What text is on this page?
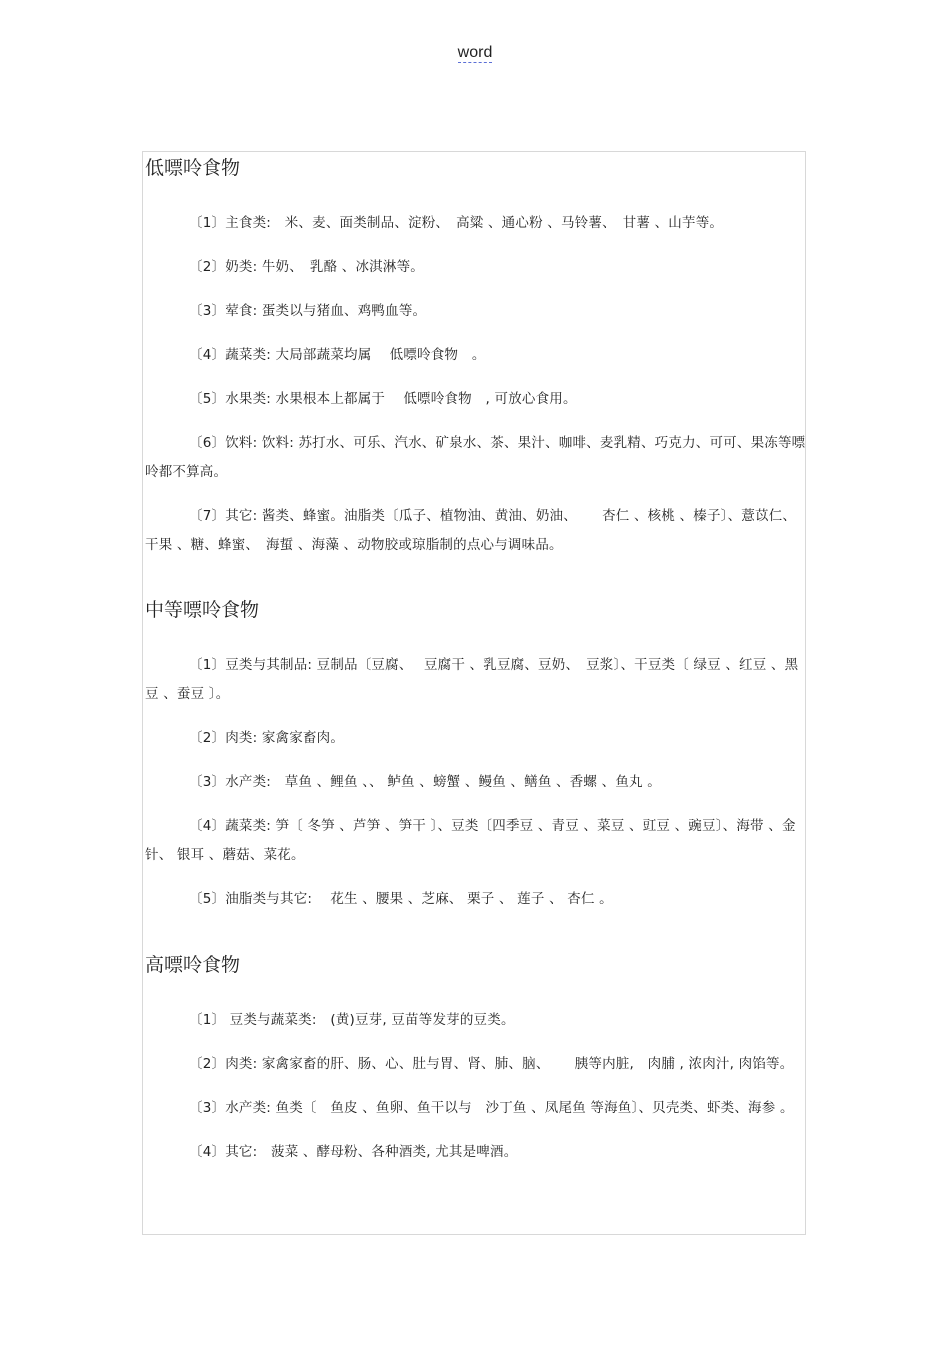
word
低嘌呤食物

〔1〕主食类:　米、麦、面类制品、淀粉、　高粱 、通心粉 、马铃薯、　甘薯 、山芋等。

〔2〕奶类: 牛奶、　乳酪 、冰淇淋等。

〔3〕荤食: 蛋类以与猪血、鸡鸭血等。

〔4〕蔬菜类: 大局部蔬菜均属　 低嘌呤食物　。

〔5〕水果类: 水果根本上都属于　 低嘌呤食物　, 可放心食用。

〔6〕饮料: 饮料: 苏打水、可乐、汽水、矿泉水、茶、果汁、咖啡、麦乳精、巧克力、可可、果冻等嘌呤都不算高。

〔7〕其它: 酱类、蜂蜜。油脂类〔瓜子、植物油、黄油、奶油、　　 杏仁 、核桃 、榛子〕、薏苡仁、　干果 、糖、蜂蜜、　海蜇 、海藻 、动物胶或琼脂制的点心与调味品。

中等嘌呤食物

〔1〕豆类与其制品: 豆制品〔豆腐、　 豆腐干 、乳豆腐、豆奶、　豆浆〕、干豆类〔 绿豆 、红豆 、黑豆 、蚕豆 〕。

〔2〕肉类: 家禽家畜肉。

〔3〕水产类:　草鱼 、鲤鱼 、、 鲈鱼 、螃蟹 、鳗鱼 、鳝鱼 、香螺 、鱼丸 。

〔4〕蔬菜类: 笋〔 冬笋 、芦笋 、笋干 〕、豆类〔四季豆 、青豆 、菜豆 、豇豆 、豌豆〕、海带 、金针、 银耳 、蘑菇、菜花。

〔5〕油脂类与其它:　 花生 、腰果 、芝麻、 栗子 、 莲子 、 杏仁 。

高嘌呤食物

〔1〕 豆类与蔬菜类:　(黄)豆芽, 豆苗等发芽的豆类。

〔2〕肉类: 家禽家畜的肝、肠、心、肚与胃、肾、肺、脑、　　 胰等内脏,　肉脯 , 浓肉汁, 肉馅等。

〔3〕水产类: 鱼类〔　鱼皮 、鱼卵、鱼干以与　沙丁鱼 、凤尾鱼 等海鱼〕、贝壳类、虾类、海参 。

〔4〕其它:　菠菜 、酵母粉、各种酒类, 尤其是啤酒。
